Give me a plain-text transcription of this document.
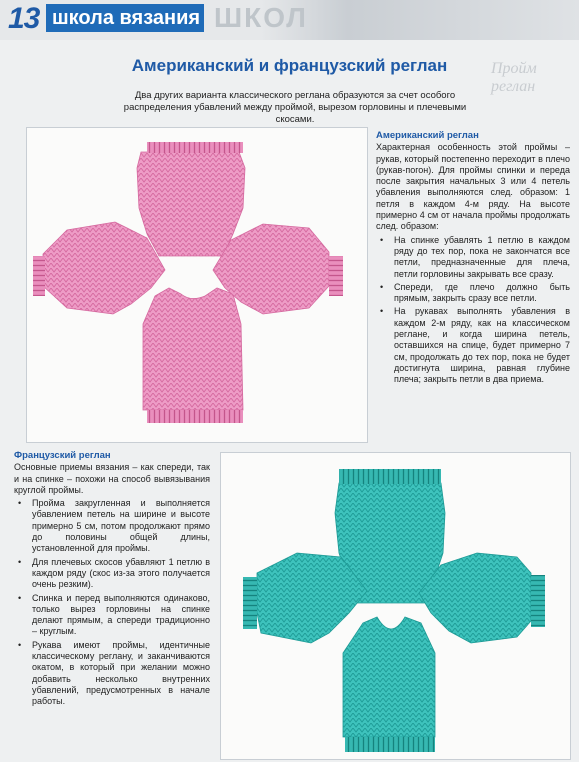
13 школа вязания ШКОЛ
Пройм
реглан
Американский и французский реглан
Два других варианта классического реглана образуются за счет особого распределения убавлений между проймой, вырезом горловины и плечевыми скосами.
Американский реглан
Характерная особенность этой проймы – рукав, который постепенно переходит в плечо (рукав-погон). Для проймы спинки и переда после закрытия начальных 3 или 4 петель убавления выполняются след. образом: 1 петля в каждом 4-м ряду. На высоте примерно 4 см от начала проймы продолжать след. образом:
• На спинке убавлять 1 петлю в каждом ряду до тех пор, пока не закончатся все петли, предназначенные для плеча, петли горловины закрывать все сразу.
• Спереди, где плечо должно быть прямым, закрыть сразу все петли.
• На рукавах выполнять убавления в каждом 2-м ряду, как на классическом реглане, и когда ширина петель, оставшихся на спице, будет примерно 7 см, продолжать до тех пор, пока не будет достигнута ширина, равная глубине плеча; закрыть петли в два приема.
Французский реглан
Основные приемы вязания – как спереди, так и на спинке – похожи на способ вывязывания круглой проймы.
• Пройма закругленная и выполняется убавлением петель на ширине и высоте примерно 5 см, потом продолжают прямо до половины общей длины, установленной для проймы.
• Для плечевых скосов убавляют 1 петлю в каждом ряду (скос из-за этого получается очень резким).
• Спинка и перед выполняются одинаково, только вырез горловины на спинке делают прямым, а спереди традиционно – круглым.
• Рукава имеют проймы, идентичные классическому реглану, и заканчиваются окатом, в который при желании можно добавить несколько внутренних убавлений, предусмотренных в начале работы.
